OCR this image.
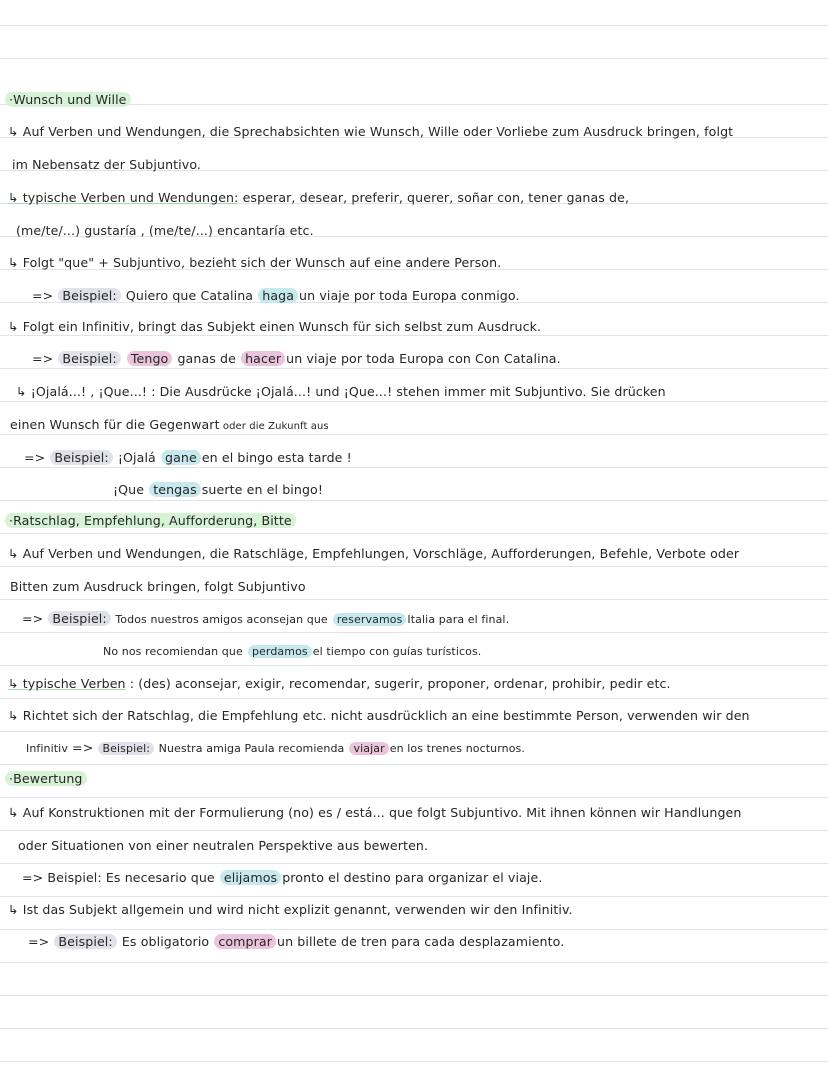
·Wunsch und Wille
↳ Auf Verben und Wendungen, die Sprechabsichten wie Wunsch, Wille oder Vorliebe zum Ausdruck bringen, folgt
im Nebensatz der Subjuntivo.
↳ typische Verben und Wendungen: esperar, desear, preferir, querer, soñar con, tener ganas de,
(me/te/...) gustaría , (me/te/...) encantaría etc.
↳ Folgt "que" + Subjuntivo, bezieht sich der Wunsch auf eine andere Person.
=> Beispiel: Quiero que Catalina haga un viaje por toda Europa conmigo.
↳ Folgt ein Infinitiv, bringt das Subjekt einen Wunsch für sich selbst zum Ausdruck.
=> Beispiel: Tengo ganas de hacer un viaje por toda Europa con Con Catalina.
↳ ¡Ojalá...! , ¡Que...! : Die Ausdrücke ¡Ojalá...! und ¡Que...! stehen immer mit Subjuntivo. Sie drücken
einen Wunsch für die Gegenwart oder die Zukunft aus
=> Beispiel: ¡Ojalá gane en el bingo esta tarde !
¡Que tengas suerte en el bingo!
·Ratschlag, Empfehlung, Aufforderung, Bitte
↳ Auf Verben und Wendungen, die Ratschläge, Empfehlungen, Vorschläge, Aufforderungen, Befehle, Verbote oder
Bitten zum Ausdruck bringen, folgt Subjuntivo
=> Beispiel: Todos nuestros amigos aconsejan que reservamos Italia para el final.
No nos recomiendan que perdamos el tiempo con guías turísticos.
↳ typische Verben : (des) aconsejar, exigir, recomendar, sugerir, proponer, ordenar, prohibir, pedir etc.
↳ Richtet sich der Ratschlag, die Empfehlung etc. nicht ausdrücklich an eine bestimmte Person, verwenden wir den
Infinitiv => Beispiel: Nuestra amiga Paula recomienda viajar en los trenes nocturnos.
·Bewertung
↳ Auf Konstruktionen mit der Formulierung (no) es / está... que folgt Subjuntivo. Mit ihnen können wir Handlungen
oder Situationen von einer neutralen Perspektive aus bewerten.
=> Beispiel: Es necesario que elijamos pronto el destino para organizar el viaje.
↳ Ist das Subjekt allgemein und wird nicht explizit genannt, verwenden wir den Infinitiv.
=> Beispiel: Es obligatorio comprar un billete de tren para cada desplazamiento.
